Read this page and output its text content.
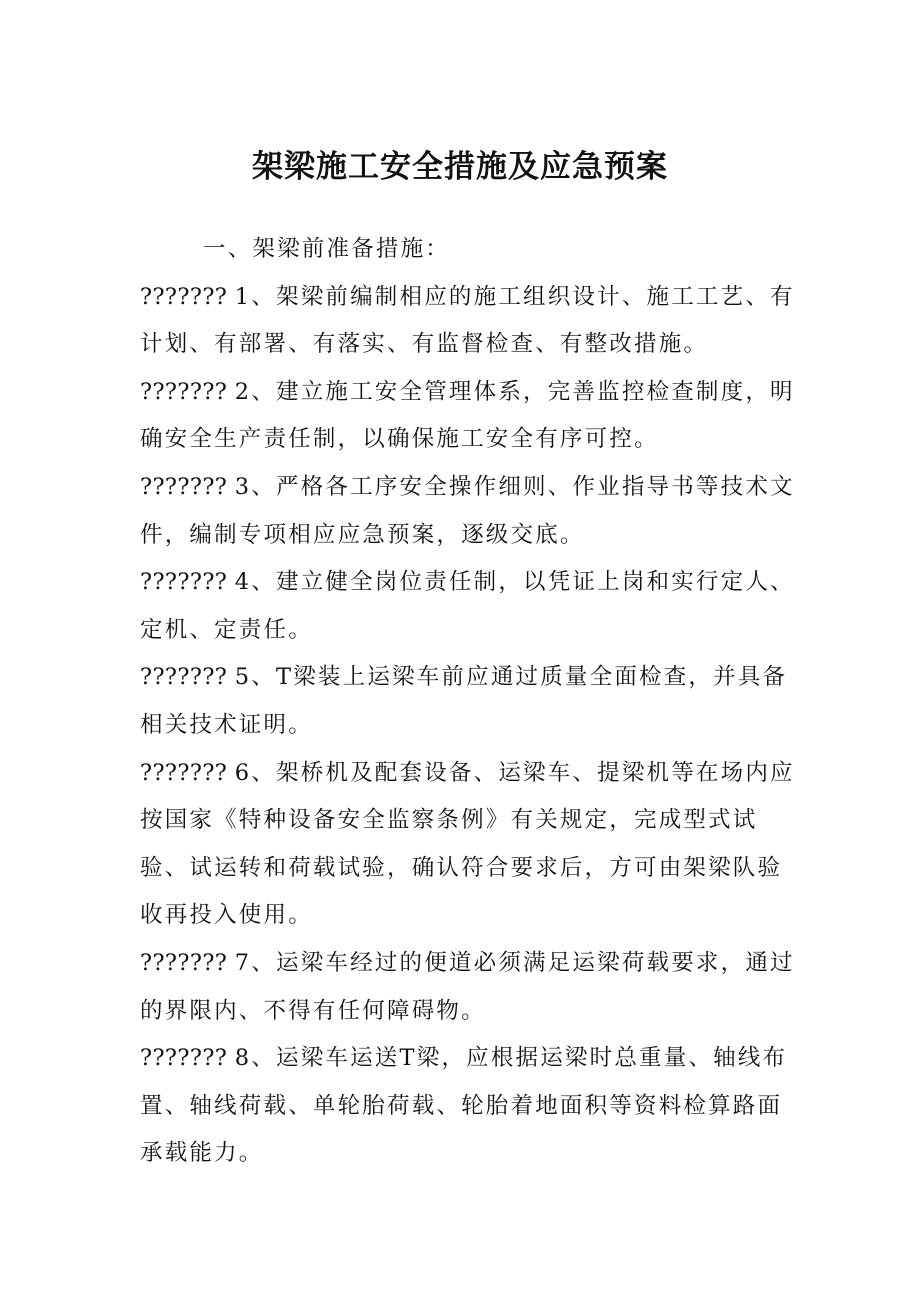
架梁施工安全措施及应急预案

一、架梁前准备措施：

??????? 1、架梁前编制相应的施工组织设计、施工工艺、有计划、有部署、有落实、有监督检查、有整改措施。

??????? 2、建立施工安全管理体系，完善监控检查制度，明确安全生产责任制，以确保施工安全有序可控。

??????? 3、严格各工序安全操作细则、作业指导书等技术文件，编制专项相应应急预案，逐级交底。

??????? 4、建立健全岗位责任制，以凭证上岗和实行定人、定机、定责任。

??????? 5、T梁装上运梁车前应通过质量全面检查，并具备相关技术证明。

??????? 6、架桥机及配套设备、运梁车、提梁机等在场内应按国家《特种设备安全监察条例》有关规定，完成型式试验、试运转和荷载试验，确认符合要求后，方可由架梁队验收再投入使用。

??????? 7、运梁车经过的便道必须满足运梁荷载要求，通过的界限内、不得有任何障碍物。

??????? 8、运梁车运送T梁，应根据运梁时总重量、轴线布置、轴线荷载、单轮胎荷载、轮胎着地面积等资料检算路面承载能力。
